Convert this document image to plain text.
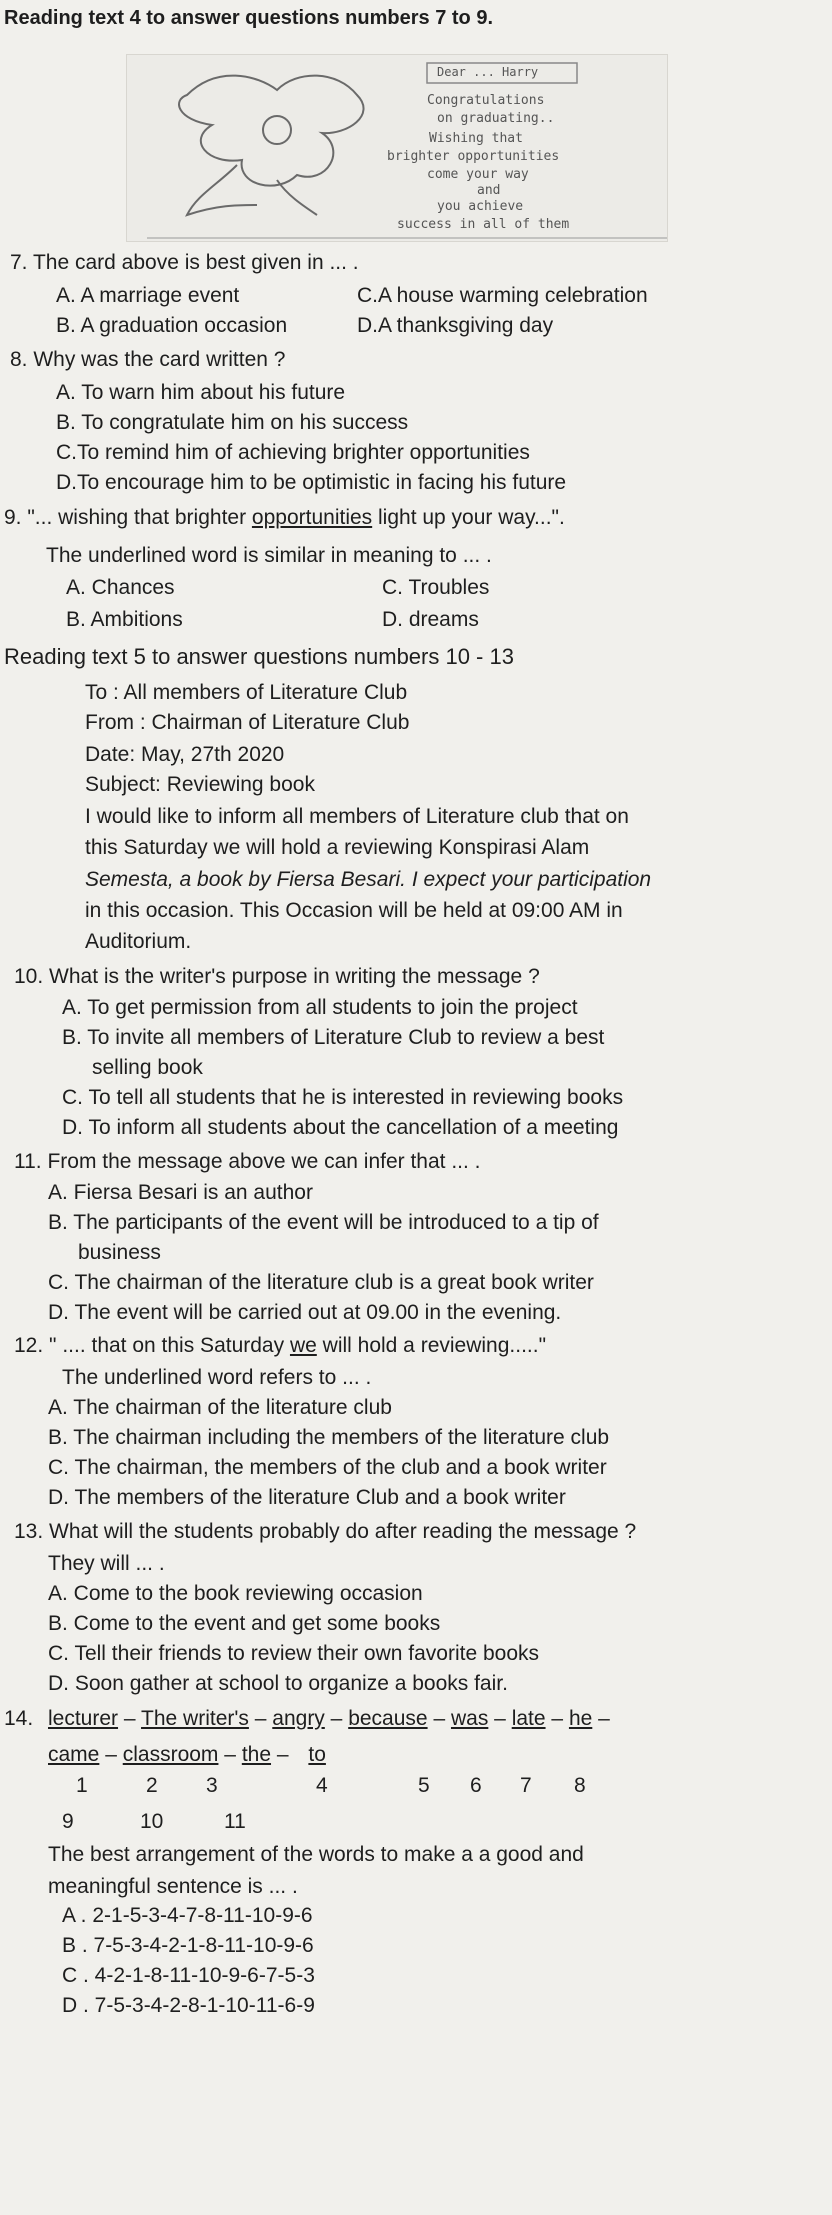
Reading text 4 to answer questions numbers 7 to 9.
Dear ... Harry
Congratulations
on graduating..
Wishing that
brighter opportunities
come your way
and
you achieve
success in all of them
7. The card above is best given in ... .
A. A marriage event	C.A house warming celebration
B. A graduation occasion	D.A thanksgiving day
8. Why was the card written ?
A. To warn him about his future
B. To congratulate him on his success
C.To remind him of achieving brighter opportunities
D.To encourage him to be optimistic in facing his future
9. "... wishing that brighter opportunities light up your way...".
The underlined word is similar in meaning to ... .
A. Chances	C. Troubles
B. Ambitions	D. dreams
Reading text 5 to answer questions numbers 10 - 13
To : All members of Literature Club
From : Chairman of Literature Club
Date: May, 27th 2020
Subject: Reviewing book
I would like to inform all members of Literature club that on
this Saturday we will hold a reviewing Konspirasi Alam
Semesta, a book by Fiersa Besari. I expect your participation
in this occasion. This Occasion will be held at 09:00 AM in
Auditorium.
10. What is the writer's purpose in writing the message ?
A. To get permission from all students to join the project
B. To invite all members of Literature Club to review a best
selling book
C. To tell all students that he is interested in reviewing books
D. To inform all students about the cancellation of a meeting
11. From the message above we can infer that ... .
A. Fiersa Besari is an author
B. The participants of the event will be introduced to a tip of
business
C. The chairman of the literature club is a great book writer
D. The event will be carried out at 09.00 in the evening.
12. " .... that on this Saturday we will hold a reviewing....."
The underlined word refers to ... .
A. The chairman of the literature club
B. The chairman including the members of the literature club
C. The chairman, the members of the club and a book writer
D. The members of the literature Club and a book writer
13. What will the students probably do after reading the message ?
They will ... .
A. Come to the book reviewing occasion
B. Come to the event and get some books
C. Tell their friends to review their own favorite books
D. Soon gather at school to organize a books fair.
14. lecturer – The writer's – angry – because – was – late – he –
came – classroom – the – to
1	2 3	4	5 6 7 8
9	10	11
The best arrangement of the words to make a a good and
meaningful sentence is ... .
A . 2-1-5-3-4-7-8-11-10-9-6
B . 7-5-3-4-2-1-8-11-10-9-6
C . 4-2-1-8-11-10-9-6-7-5-3
D . 7-5-3-4-2-8-1-10-11-6-9
